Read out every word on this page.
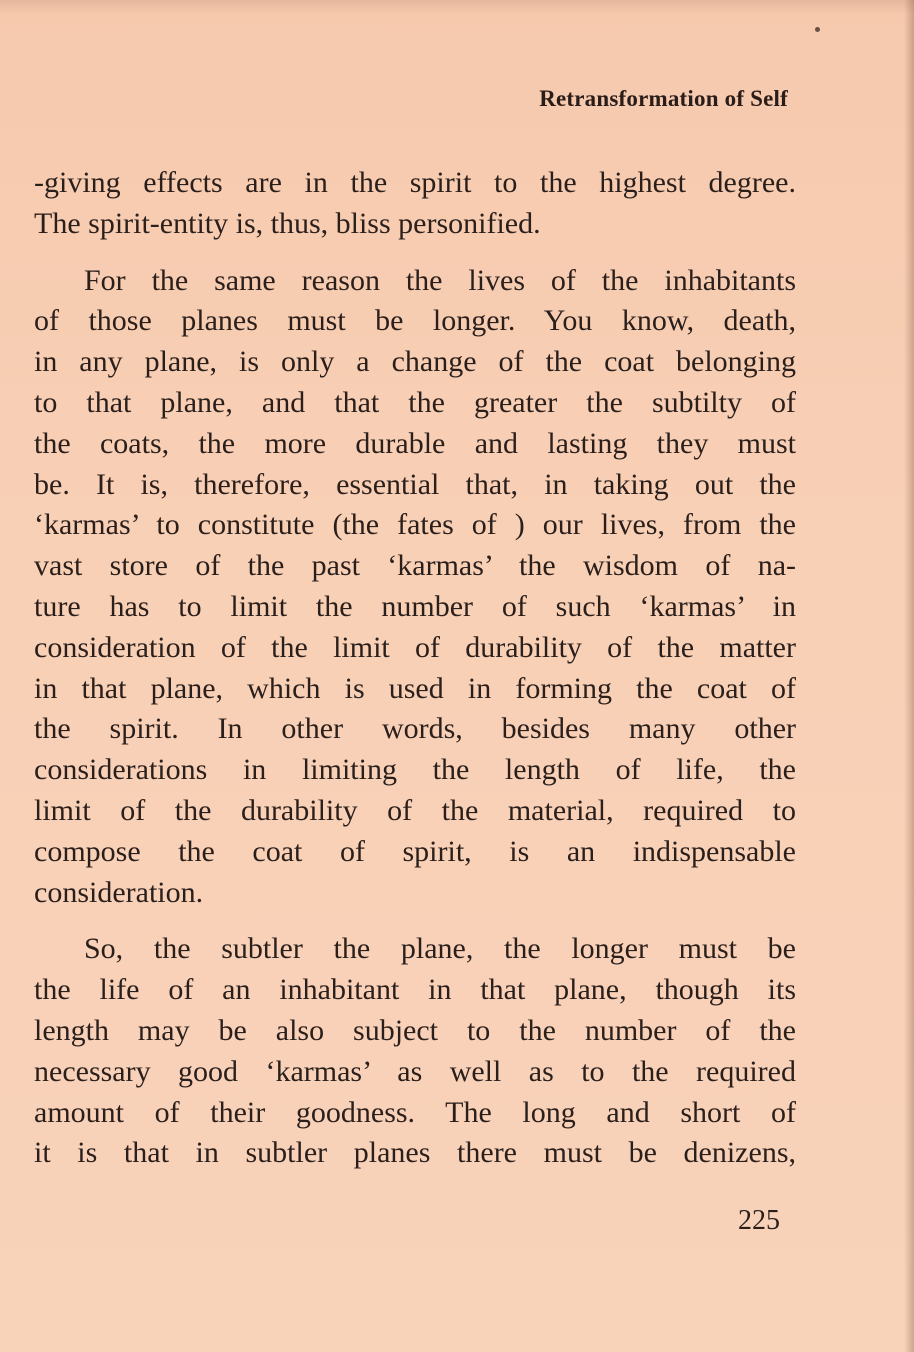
Retransformation of Self
-giving effects are in the spirit to the highest degree.
The spirit-entity is, thus, bliss personified.
For the same reason the lives of the inhabitants
of those planes must be longer. You know, death,
in any plane, is only a change of the coat belonging
to that plane, and that the greater the subtilty of
the coats, the more durable and lasting they must
be. It is, therefore, essential that, in taking out the
‘karmas’ to constitute (the fates of ) our lives, from the
vast store of the past ‘karmas’ the wisdom of na-
ture has to limit the number of such ‘karmas’ in
consideration of the limit of durability of the matter
in that plane, which is used in forming the coat of
the spirit. In other words, besides many other
considerations in limiting the length of life, the
limit of the durability of the material, required to
compose the coat of spirit, is an indispensable
consideration.
So, the subtler the plane, the longer must be
the life of an inhabitant in that plane, though its
length may be also subject to the number of the
necessary good ‘karmas’ as well as to the required
amount of their goodness. The long and short of
it is that in subtler planes there must be denizens,
225
